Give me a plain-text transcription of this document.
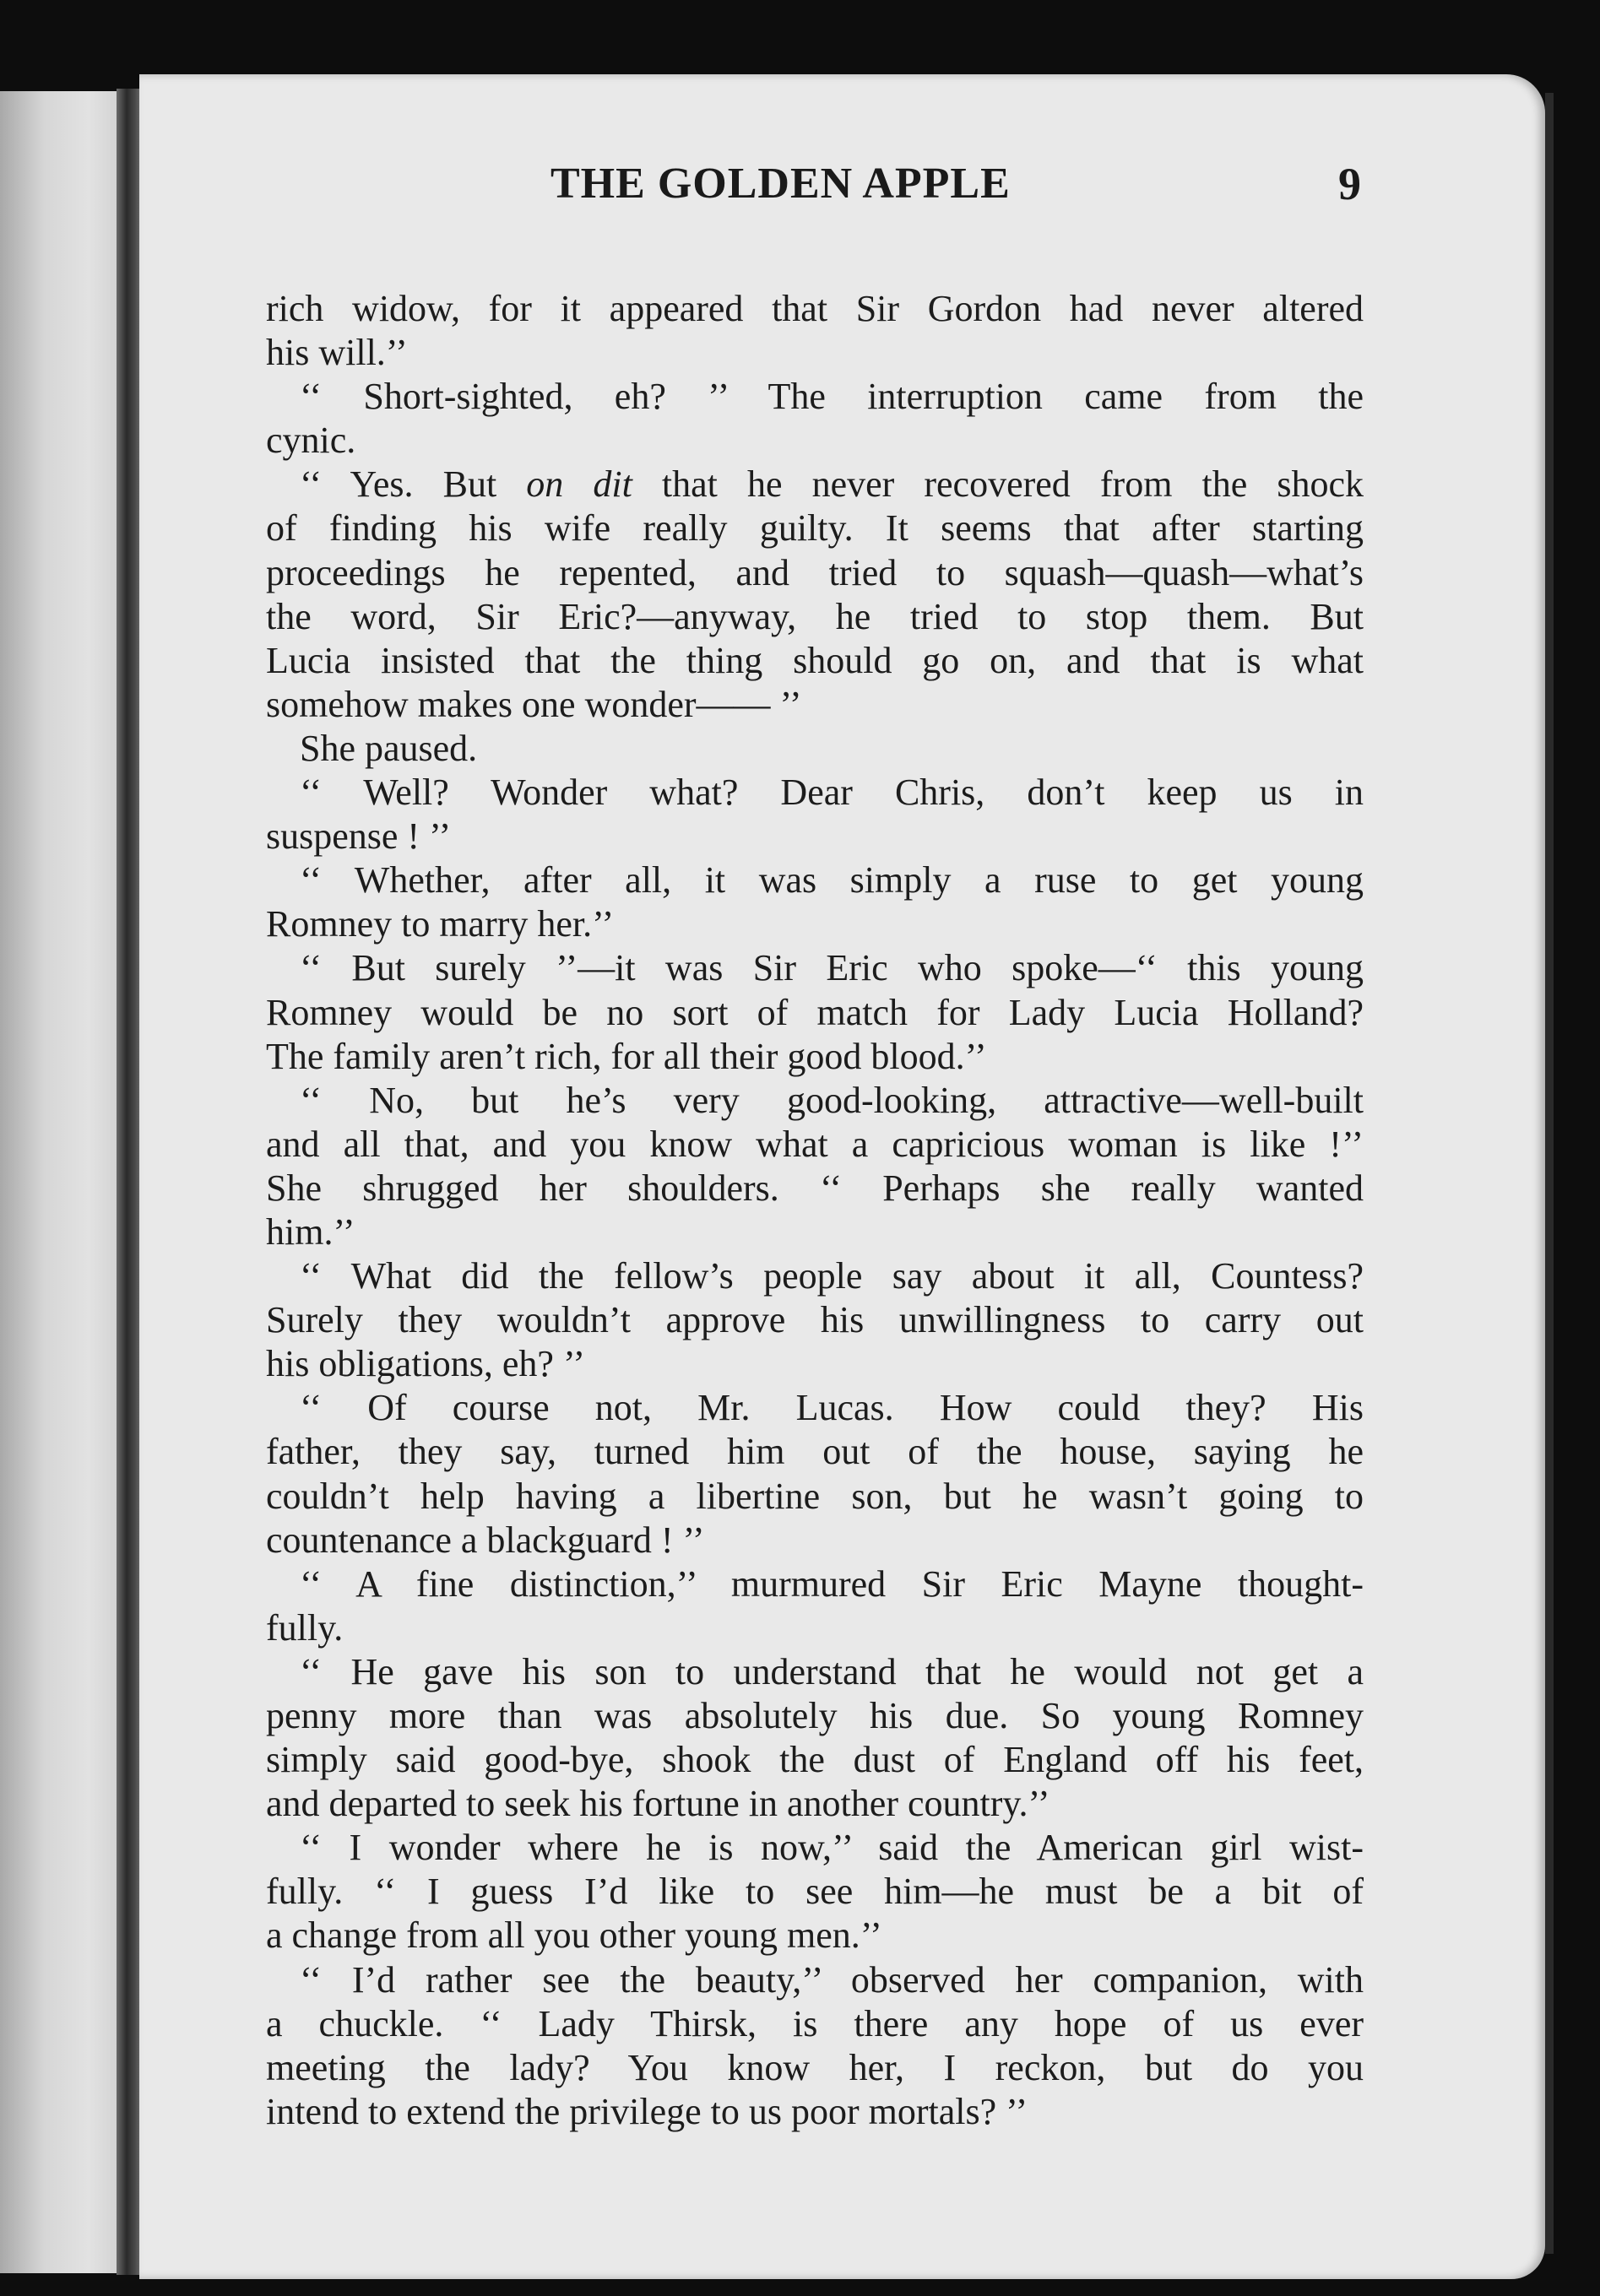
THE GOLDEN APPLE	9
rich widow, for it appeared that Sir Gordon had never altered
his will.’’
‘‘ Short-sighted, eh? ’’ The interruption came from the
cynic.
‘‘ Yes. But on dit that he never recovered from the shock
of finding his wife really guilty. It seems that after starting
proceedings he repented, and tried to squash—quash—what’s
the word, Sir Eric?—anyway, he tried to stop them. But
Lucia insisted that the thing should go on, and that is what
somehow makes one wonder—— ’’
She paused.
‘‘ Well? Wonder what? Dear Chris, don’t keep us in
suspense ! ’’
‘‘ Whether, after all, it was simply a ruse to get young
Romney to marry her.’’
‘‘ But surely ’’—it was Sir Eric who spoke—‘‘ this young
Romney would be no sort of match for Lady Lucia Holland?
The family aren’t rich, for all their good blood.’’
‘‘ No, but he’s very good-looking, attractive—well-built
and all that, and you know what a capricious woman is like !’’
She shrugged her shoulders. ‘‘ Perhaps she really wanted
him.’’
‘‘ What did the fellow’s people say about it all, Countess?
Surely they wouldn’t approve his unwillingness to carry out
his obligations, eh? ’’
‘‘ Of course not, Mr. Lucas. How could they? His
father, they say, turned him out of the house, saying he
couldn’t help having a libertine son, but he wasn’t going to
countenance a blackguard ! ’’
‘‘ A fine distinction,’’ murmured Sir Eric Mayne thought-
fully.
‘‘ He gave his son to understand that he would not get a
penny more than was absolutely his due. So young Romney
simply said good-bye, shook the dust of England off his feet,
and departed to seek his fortune in another country.’’
‘‘ I wonder where he is now,’’ said the American girl wist-
fully. ‘‘ I guess I’d like to see him—he must be a bit of
a change from all you other young men.’’
‘‘ I’d rather see the beauty,’’ observed her companion, with
a chuckle. ‘‘ Lady Thirsk, is there any hope of us ever
meeting the lady? You know her, I reckon, but do you
intend to extend the privilege to us poor mortals? ’’
